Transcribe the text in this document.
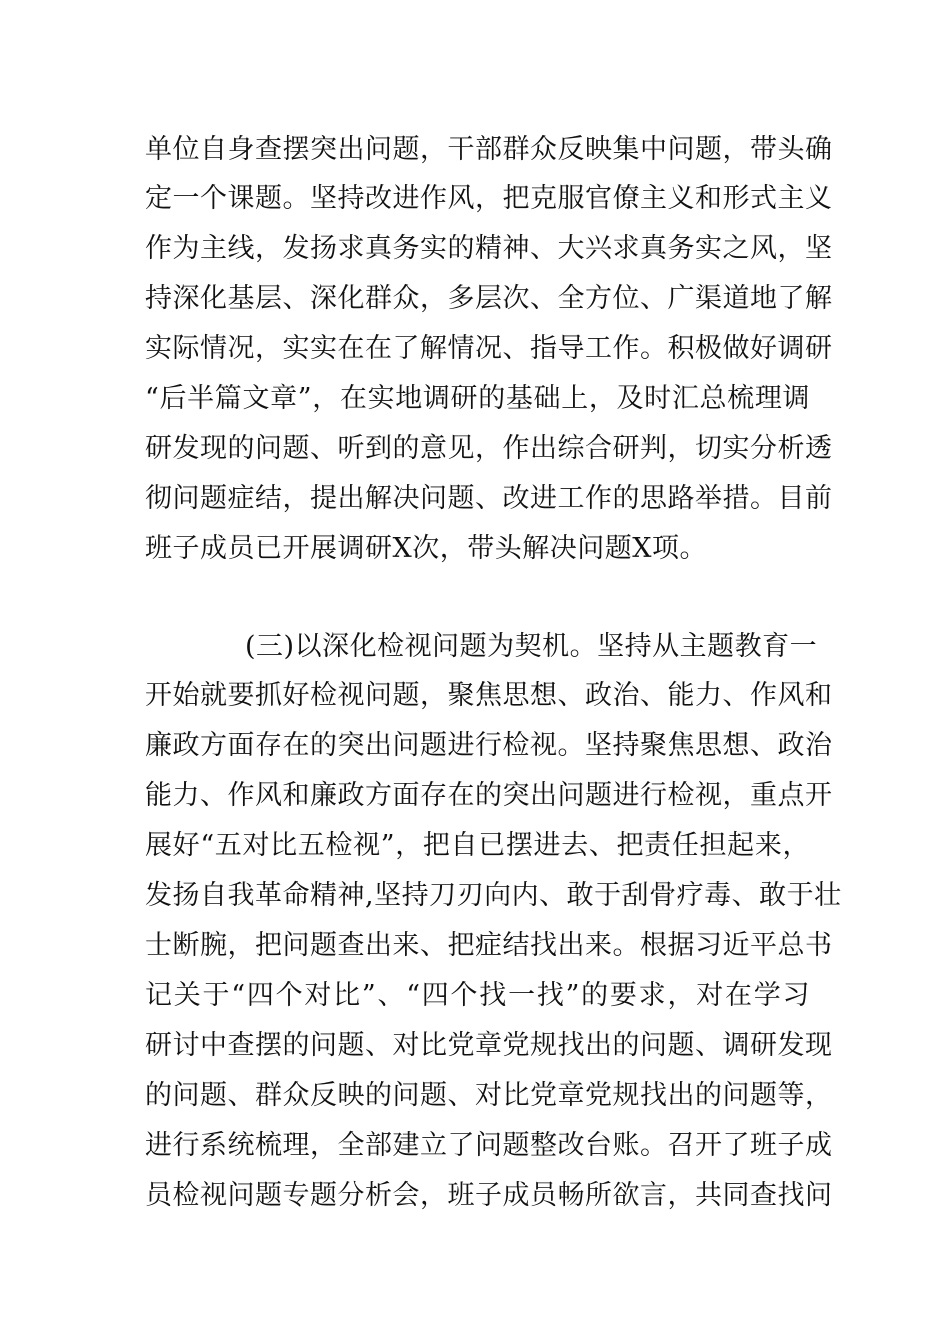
单位自身查摆突出问题，干部群众反映集中问题，带头确
定一个课题。坚持改进作风，把克服官僚主义和形式主义
作为主线，发扬求真务实的精神、大兴求真务实之风，坚
持深化基层、深化群众，多层次、全方位、广渠道地了解
实际情况，实实在在了解情况、指导工作。积极做好调研
“后半篇文章”，在实地调研的基础上，及时汇总梳理调
研发现的问题、听到的意见，作出综合研判，切实分析透
彻问题症结，提出解决问题、改进工作的思路举措。目前
班子成员已开展调研X次，带头解决问题X项。
(三)以深化检视问题为契机。坚持从主题教育一
开始就要抓好检视问题，聚焦思想、政治、能力、作风和
廉政方面存在的突出问题进行检视。坚持聚焦思想、政治
能力、作风和廉政方面存在的突出问题进行检视，重点开
展好“五对比五检视”，把自已摆进去、把责任担起来，
发扬自我革命精神,坚持刀刃向内、敢于刮骨疗毒、敢于壮
士断腕，把问题查出来、把症结找出来。根据习近平总书
记关于“四个对比”、“四个找一找”的要求，对在学习
研讨中查摆的问题、对比党章党规找出的问题、调研发现
的问题、群众反映的问题、对比党章党规找出的问题等，
进行系统梳理，全部建立了问题整改台账。召开了班子成
员检视问题专题分析会，班子成员畅所欲言，共同查找问
